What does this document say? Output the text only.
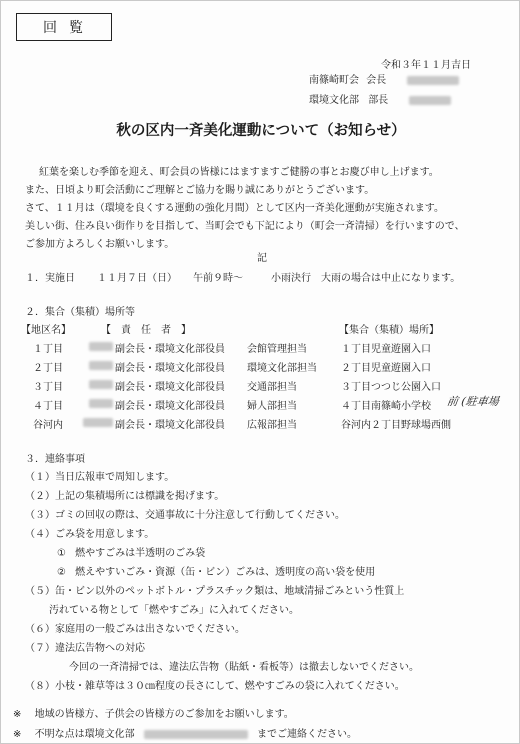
回覧
令和３年１１月吉日
南篠崎町会 会長
環境文化部 部長
秋の区内一斉美化運動について（お知らせ）
紅葉を楽しむ季節を迎え、町会員の皆様にはますますご健勝の事とお慶び申し上げます。
また、日頃より町会活動にご理解とご協力を賜り誠にありがとうございます。
さて、１１月は（環境を良くする運動の強化月間）として区内一斉美化運動が実施されます。
美しい街、住み良い街作りを目指して、当町会でも下記により（町会一斉清掃）を行いますので、
ご参加方よろしくお願いします。
記
１．実施日 １１月７日（日） 午前９時～	小雨決行　大雨の場合は中止になります。
２．集合（集積）場所等
【地区名】	【　責　任　者　】	【集合（集積）場所】
１丁目	副会長・環境文化部役員 会館管理担当	１丁目児童遊園入口
２丁目	副会長・環境文化部役員 環境文化部担当 ２丁目児童遊園入口
３丁目	副会長・環境文化部役員 交通部担当	３丁目つつじ公園入口
４丁目	副会長・環境文化部役員 婦人部担当	４丁目南篠崎小学校 前 (駐車場
谷河内	副会長・環境文化部役員 広報部担当	谷河内２丁目野球場西側
３．連絡事項
（１）当日広報車で周知します。
（２）上記の集積場所には標識を掲げます。
（３）ゴミの回収の際は、交通事故に十分注意して行動してください。
（４）ごみ袋を用意します。
① 燃やすごみは半透明のごみ袋
② 燃えやすいごみ・資源（缶・ビン）ごみは、透明度の高い袋を使用
（５）缶・ビン以外のペットボトル・プラスチック類は、地域清掃ごみという性質上
汚れている物として「燃やすごみ」に入れてください。
（６）家庭用の一般ごみは出さないでください。
（７）違法広告物への対応
今回の一斉清掃では、違法広告物（貼紙・看板等）は撤去しないでください。
（８）小枝・雑草等は３０㎝程度の長さにして、燃やすごみの袋に入れてください。
※ 地域の皆様方、子供会の皆様方のご参加をお願いします。
※ 不明な点は環境文化部	までご連絡ください。
